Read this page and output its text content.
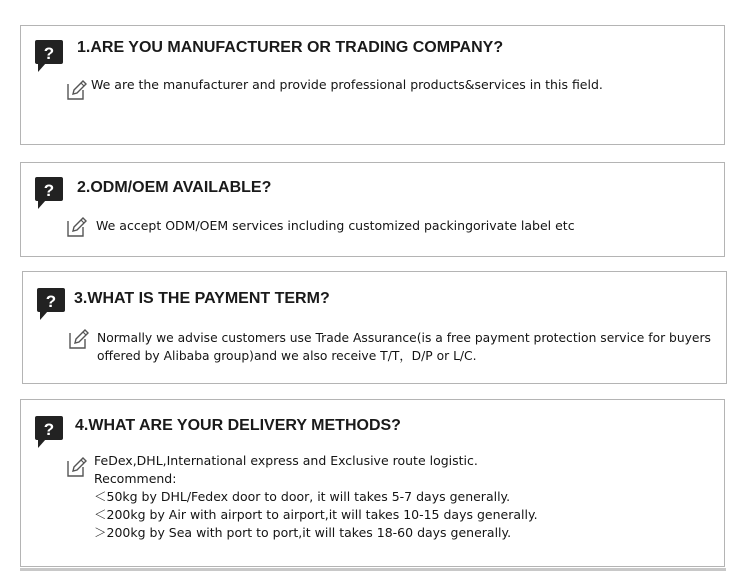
? 1.ARE YOU MANUFACTURER OR TRADING COMPANY?

We are the manufacturer and provide professional products&services in this field.

? 2.ODM/OEM AVAILABLE?

We accept ODM/OEM services including customized packingorivate label etc

? 3.WHAT IS THE PAYMENT TERM?

Normally we advise customers use Trade Assurance(is a free payment protection service for buyers
offered by Alibaba group)and we also receive T/T，D/P or L/C.

? 4.WHAT ARE YOUR DELIVERY METHODS?

FeDex,DHL,International express and Exclusive route logistic.
Recommend:
＜50kg by DHL/Fedex door to door, it will takes 5-7 days generally.
＜200kg by Air with airport to airport,it will takes 10-15 days generally.
＞200kg by Sea with port to port,it will takes 18-60 days generally.
